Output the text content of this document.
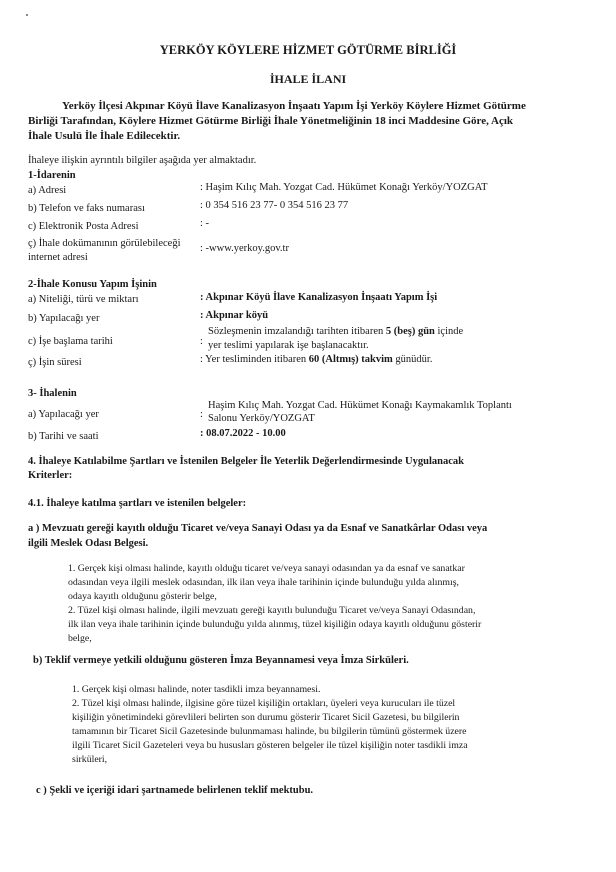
YERKÖY KÖYLERE HİZMET GÖTÜRME BİRLİĞİ
İHALE İLANI
Yerköy İlçesi Akpınar Köyü İlave Kanalizasyon İnşaatı Yapım İşi Yerköy Köylere Hizmet Götürme
Birliği Tarafından, Köylere Hizmet Götürme Birliği İhale Yönetmeliğinin 18 inci Maddesine Göre, Açık
İhale Usulü İle İhale Edilecektir.
İhaleye ilişkin ayrıntılı bilgiler aşağıda yer almaktadır.
1-İdarenin
a) Adresi	: Haşim Kılıç Mah. Yozgat Cad. Hükümet Konağı Yerköy/YOZGAT
b) Telefon ve faks numarası	: 0 354 516 23 77- 0 354 516 23 77
c) Elektronik Posta Adresi	: -
ç) İhale dokümanının görülebileceği
internet adresi
: -www.yerkoy.gov.tr
2-İhale Konusu Yapım İşinin
a) Niteliği, türü ve miktarı	: Akpınar Köyü İlave Kanalizasyon İnşaatı Yapım İşi
b) Yapılacağı yer	: Akpınar köyü
c) İşe başlama tarihi	:
Sözleşmenin imzalandığı tarihten itibaren 5 (beş) gün içinde
yer teslimi yapılarak işe başlanacaktır.
ç) İşin süresi	: Yer tesliminden itibaren 60 (Altmış) takvim günüdür.
3- İhalenin
a) Yapılacağı yer	:
Haşim Kılıç Mah. Yozgat Cad. Hükümet Konağı Kaymakamlık Toplantı
Salonu Yerköy/YOZGAT
b) Tarihi ve saati	: 08.07.2022 - 10.00
4. İhaleye Katılabilme Şartları ve İstenilen Belgeler İle Yeterlik Değerlendirmesinde Uygulanacak
Kriterler:
4.1. İhaleye katılma şartları ve istenilen belgeler:
a ) Mevzuatı gereği kayıtlı olduğu Ticaret ve/veya Sanayi Odası ya da Esnaf ve Sanatkârlar Odası veya
ilgili Meslek Odası Belgesi.
1. Gerçek kişi olması halinde, kayıtlı olduğu ticaret ve/veya sanayi odasından ya da esnaf ve sanatkar
odasından veya ilgili meslek odasından, ilk ilan veya ihale tarihinin içinde bulunduğu yılda alınmış,
odaya kayıtlı olduğunu gösterir belge,
2. Tüzel kişi olması halinde, ilgili mevzuatı gereği kayıtlı bulunduğu Ticaret ve/veya Sanayi Odasından,
ilk ilan veya ihale tarihinin içinde bulunduğu yılda alınmış, tüzel kişiliğin odaya kayıtlı olduğunu gösterir
belge,
b) Teklif vermeye yetkili olduğunu gösteren İmza Beyannamesi veya İmza Sirküleri.
1. Gerçek kişi olması halinde, noter tasdikli imza beyannamesi.
2. Tüzel kişi olması halinde, ilgisine göre tüzel kişiliğin ortakları, üyeleri veya kurucuları ile tüzel
kişiliğin yönetimindeki görevlileri belirten son durumu gösterir Ticaret Sicil Gazetesi, bu bilgilerin
tamamının bir Ticaret Sicil Gazetesinde bulunmaması halinde, bu bilgilerin tümünü göstermek üzere
ilgili Ticaret Sicil Gazeteleri veya bu hususları gösteren belgeler ile tüzel kişiliğin noter tasdikli imza
sirküleri,
c ) Şekli ve içeriği idari şartnamede belirlenen teklif mektubu.
